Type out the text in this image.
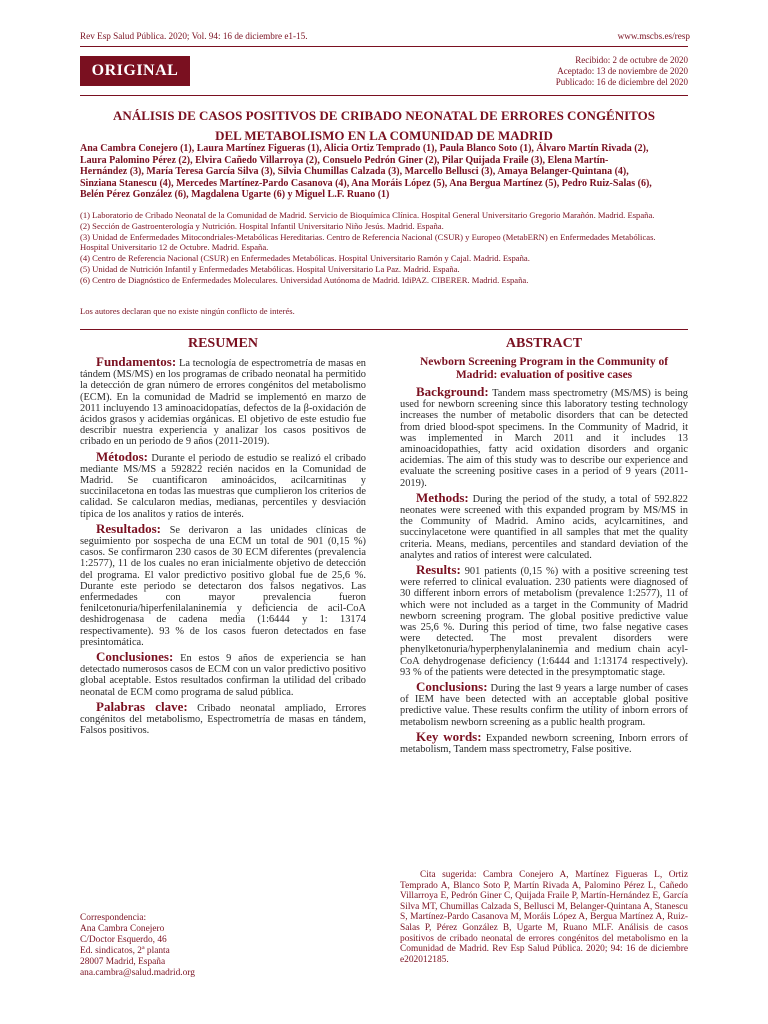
Rev Esp Salud Pública. 2020; Vol. 94: 16 de diciembre e1-15.	www.mscbs.es/resp
ORIGINAL
Recibido: 2 de octubre de 2020
Aceptado: 13 de noviembre de 2020
Publicado: 16 de diciembre del 2020
ANÁLISIS DE CASOS POSITIVOS DE CRIBADO NEONATAL DE ERRORES CONGÉNITOS
DEL METABOLISMO EN LA COMUNIDAD DE MADRID
Ana Cambra Conejero (1), Laura Martínez Figueras (1), Alicia Ortiz Temprado (1), Paula Blanco Soto (1), Álvaro Martín Rivada (2), Laura Palomino Pérez (2), Elvira Cañedo Villarroya (2), Consuelo Pedrón Giner (2), Pilar Quijada Fraile (3), Elena Martín-Hernández (3), María Teresa García Silva (3), Silvia Chumillas Calzada (3), Marcello Bellusci (3), Amaya Belanger-Quintana (4), Sinziana Stanescu (4), Mercedes Martínez-Pardo Casanova (4), Ana Moráis López (5), Ana Bergua Martínez (5), Pedro Ruiz-Salas (6), Belén Pérez González (6), Magdalena Ugarte (6) y Miguel L.F. Ruano (1)
(1) Laboratorio de Cribado Neonatal de la Comunidad de Madrid. Servicio de Bioquímica Clínica. Hospital General Universitario Gregorio Marañón. Madrid. España.
(2) Sección de Gastroenterología y Nutrición. Hospital Infantil Universitario Niño Jesús. Madrid. España.
(3) Unidad de Enfermedades Mitocondriales-Metabólicas Hereditarias. Centro de Referencia Nacional (CSUR) y Europeo (MetabERN) en Enfermedades Metabólicas. Hospital Universitario 12 de Octubre. Madrid. España.
(4) Centro de Referencia Nacional (CSUR) en Enfermedades Metabólicas. Hospital Universitario Ramón y Cajal. Madrid. España.
(5) Unidad de Nutrición Infantil y Enfermedades Metabólicas. Hospital Universitario La Paz. Madrid. España.
(6) Centro de Diagnóstico de Enfermedades Moleculares. Universidad Autónoma de Madrid. IdiPAZ. CIBERER. Madrid. España.
Los autores declaran que no existe ningún conflicto de interés.
RESUMEN

Fundamentos: La tecnología de espectrometría de masas en tándem (MS/MS) en los programas de cribado neonatal ha permitido la detección de gran número de errores congénitos del metabolismo (ECM). En la comunidad de Madrid se implementó en marzo de 2011 incluyendo 13 aminoacidopatías, defectos de la β-oxidación de ácidos grasos y acidemias orgánicas. El objetivo de este estudio fue describir nuestra experiencia y analizar los casos positivos de cribado en un periodo de 9 años (2011-2019).

Métodos: Durante el periodo de estudio se realizó el cribado mediante MS/MS a 592822 recién nacidos en la Comunidad de Madrid. Se cuantificaron aminoácidos, acilcarnitinas y succinilacetona en todas las muestras que cumplieron los criterios de calidad. Se calcularon medias, medianas, percentiles y desviación típica de los analitos y ratios de interés.

Resultados: Se derivaron a las unidades clínicas de seguimiento por sospecha de una ECM un total de 901 (0,15 %) casos. Se confirmaron 230 casos de 30 ECM diferentes (prevalencia 1:2577), 11 de los cuales no eran inicialmente objetivo de detección del programa. El valor predictivo positivo global fue de 25,6 %. Durante este periodo se detectaron dos falsos negativos. Las enfermedades con mayor prevalencia fueron fenilcetonuria/hiperfenilalaninemia y deficiencia de acil-CoA deshidrogenasa de cadena media (1:6444 y 1: 13174 respectivamente). 93 % de los casos fueron detectados en fase presintomática.

Conclusiones: En estos 9 años de experiencia se han detectado numerosos casos de ECM con un valor predictivo positivo global aceptable. Estos resultados confirman la utilidad del cribado neonatal de ECM como programa de salud pública.

Palabras clave: Cribado neonatal ampliado, Errores congénitos del metabolismo, Espectrometría de masas en tándem, Falsos positivos.

ABSTRACT
Newborn Screening Program in the Community of Madrid: evaluation of positive cases

Background: Tandem mass spectrometry (MS/MS) is being used for newborn screening since this laboratory testing technology increases the number of metabolic disorders that can be detected from dried blood-spot specimens. In the Community of Madrid, it was implemented in March 2011 and it includes 13 aminoacidopathies, fatty acid oxidation disorders and organic acidemias. The aim of this study was to describe our experience and evaluate the screening positive cases in a period of 9 years (2011-2019).

Methods: During the period of the study, a total of 592.822 neonates were screened with this expanded program by MS/MS in the Community of Madrid. Amino acids, acylcarnitines, and succinylacetone were quantified in all samples that met the quality criteria. Means, medians, percentiles and standard deviation of the analytes and ratios of interest were calculated.

Results: 901 patients (0,15 %) with a positive screening test were referred to clinical evaluation. 230 patients were diagnosed of 30 different inborn errors of metabolism (prevalence 1:2577), 11 of which were not included as a target in the Community of Madrid newborn screening program. The global positive predictive value was 25,6 %. During this period of time, two false negative cases were detected. The most prevalent disorders were phenylketonuria/hyperphenylalaninemia and medium chain acyl-CoA dehydrogenase deficiency (1:6444 and 1:13174 respectively). 93 % of the patients were detected in the presymptomatic stage.

Conclusions: During the last 9 years a large number of cases of IEM have been detected with an acceptable global positive predictive value. These results confirm the utility of inborn errors of metabolism newborn screening as a public health program.

Key words: Expanded newborn screening, Inborn errors of metabolism, Tandem mass spectrometry, False positive.

Cita sugerida: Cambra Conejero A, Martínez Figueras L, Ortiz Temprado A, Blanco Soto P, Martín Rivada A, Palomino Pérez L, Cañedo Villarroya E, Pedrón Giner C, Quijada Fraile P, Martín-Hernández E, García Silva MT, Chumillas Calzada S, Bellusci M, Belanger-Quintana A, Stanescu S, Martínez-Pardo Casanova M, Moráis López A, Bergua Martínez A, Ruiz-Salas P, Pérez González B, Ugarte M, Ruano MLF. Análisis de casos positivos de cribado neonatal de errores congénitos del metabolismo en la Comunidad de Madrid. Rev Esp Salud Pública. 2020; 94: 16 de diciembre e202012185.
Correspondencia:
Ana Cambra Conejero
C/Doctor Esquerdo, 46
Ed. sindicatos, 2ª planta
28007 Madrid, España
ana.cambra@salud.madrid.org
